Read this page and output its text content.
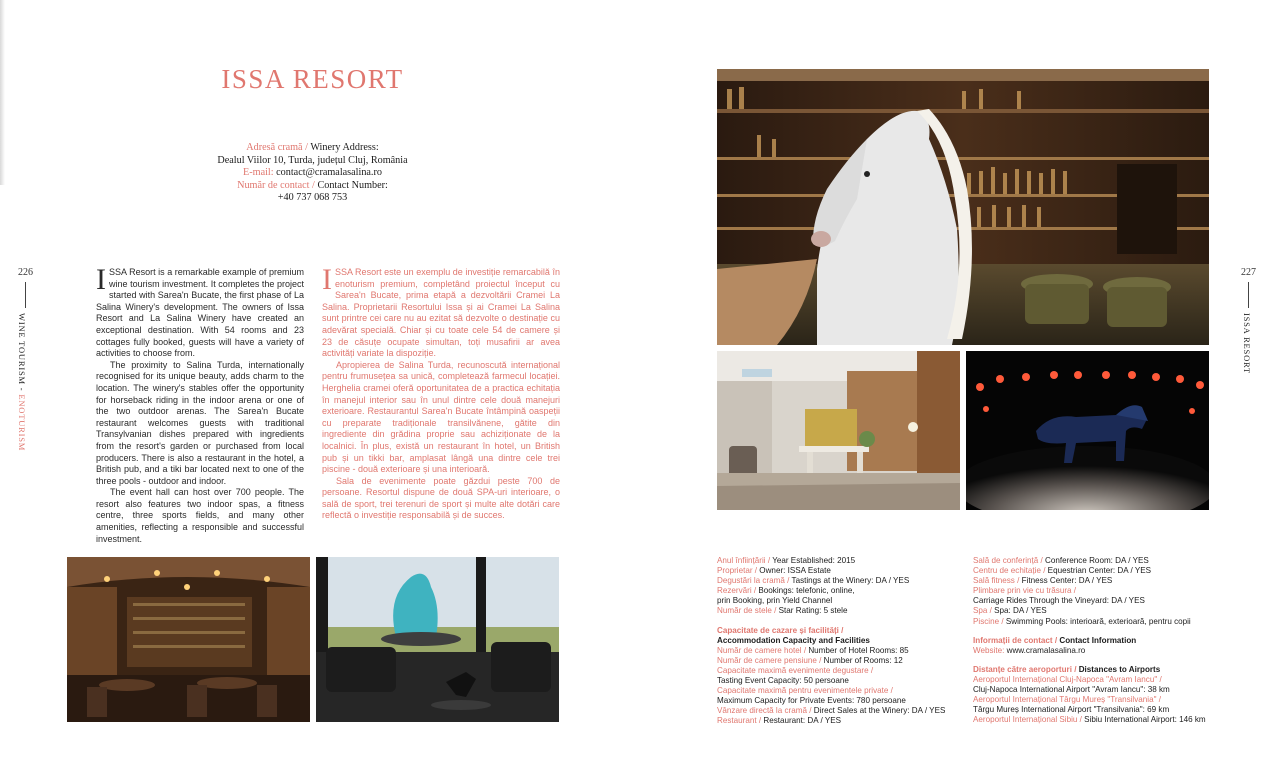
ISSA RESORT
Adresă cramă / Winery Address:
Dealul Viilor 10, Turda, județul Cluj, România
E-mail: contact@cramalasalina.ro
Număr de contact / Contact Number:
+40 737 068 753
226
WINE TOURISM - ENOTURISM
227
ISSA RESORT

ISSA Resort is a remarkable example of premium wine tourism investment. It completes the project started with Sarea'n Bucate, the first phase of La Salina Winery's development. The owners of Issa Resort and La Salina Winery have created an exceptional destination. With 54 rooms and 23 cottages fully booked, guests will have a variety of activities to choose from.

The proximity to Salina Turda, internationally recognised for its unique beauty, adds charm to the location. The winery's stables offer the opportunity for horseback riding in the indoor arena or one of the two outdoor arenas. The Sarea'n Bucate restaurant welcomes guests with traditional Transylvanian dishes prepared with ingredients from the resort's garden or purchased from local producers. There is also a restaurant in the hotel, a British pub, and a tiki bar located next to one of the three pools - outdoor and indoor.

The event hall can host over 700 people. The resort also features two indoor spas, a fitness centre, three sports fields, and many other amenities, reflecting a responsible and successful investment.

ISSA Resort este un exemplu de investiție remarcabilă în enoturism premium, completând proiectul început cu Sarea'n Bucate, prima etapă a dezvoltării Cramei La Salina. Proprietarii Resortului Issa și ai Cramei La Salina sunt printre cei care nu au ezitat să dezvolte o destinație cu adevărat specială. Chiar și cu toate cele 54 de camere și 23 de căsuțe ocupate simultan, toți musafirii ar avea activități variate la dispoziție.

Apropierea de Salina Turda, recunoscută internațional pentru frumusețea sa unică, completează farmecul locației. Herghelia cramei oferă oportunitatea de a practica echitația în manejul interior sau în unul dintre cele două manejuri exterioare. Restaurantul Sarea'n Bucate întâmpină oaspeții cu preparate tradiționale transilvănene, gătite din ingrediente din grădina proprie sau achiziționate de la localnici. În plus, există un restaurant în hotel, un British pub și un tikki bar, amplasat lângă una dintre cele trei piscine - două exterioare și una interioară.

Sala de evenimente poate găzdui peste 700 de persoane. Resortul dispune de două SPA-uri interioare, o sală de sport, trei terenuri de sport și multe alte dotări care reflectă o investiție responsabilă și de succes.

Anul înființării / Year Established: 2015
Proprietar / Owner: ISSA Estate
Degustări la cramă / Tastings at the Winery: DA / YES
Rezervări / Bookings: telefonic, online,
prin Booking, prin Yield Channel
Număr de stele / Star Rating: 5 stele
Capacitate de cazare și facilități /
Accommodation Capacity and Facilities
Număr de camere hotel / Number of Hotel Rooms: 85
Număr de camere pensiune / Number of Rooms: 12
Capacitate maximă evenimente degustare /
Tasting Event Capacity: 50 persoane
Capacitate maximă pentru evenimentele private /
Maximum Capacity for Private Events: 780 persoane
Vânzare directă la cramă / Direct Sales at the Winery: DA / YES
Restaurant / Restaurant: DA / YES
Sală de conferință / Conference Room: DA / YES
Centru de echitație / Equestrian Center: DA / YES
Sală fitness / Fitness Center: DA / YES
Plimbare prin vie cu trăsura /
Carriage Rides Through the Vineyard: DA / YES
Spa / Spa: DA / YES
Piscine / Swimming Pools: interioară, exterioară, pentru copii
Informații de contact / Contact Information
Website: www.cramalasalina.ro
Distanțe către aeroporturi / Distances to Airports
Aeroportul Internațional Cluj-Napoca "Avram Iancu" /
Cluj-Napoca International Airport "Avram Iancu": 38 km
Aeroportul Internațional Târgu Mureș "Transilvania" /
Târgu Mureș International Airport "Transilvania": 69 km
Aeroportul Internațional Sibiu / Sibiu International Airport: 146 km
